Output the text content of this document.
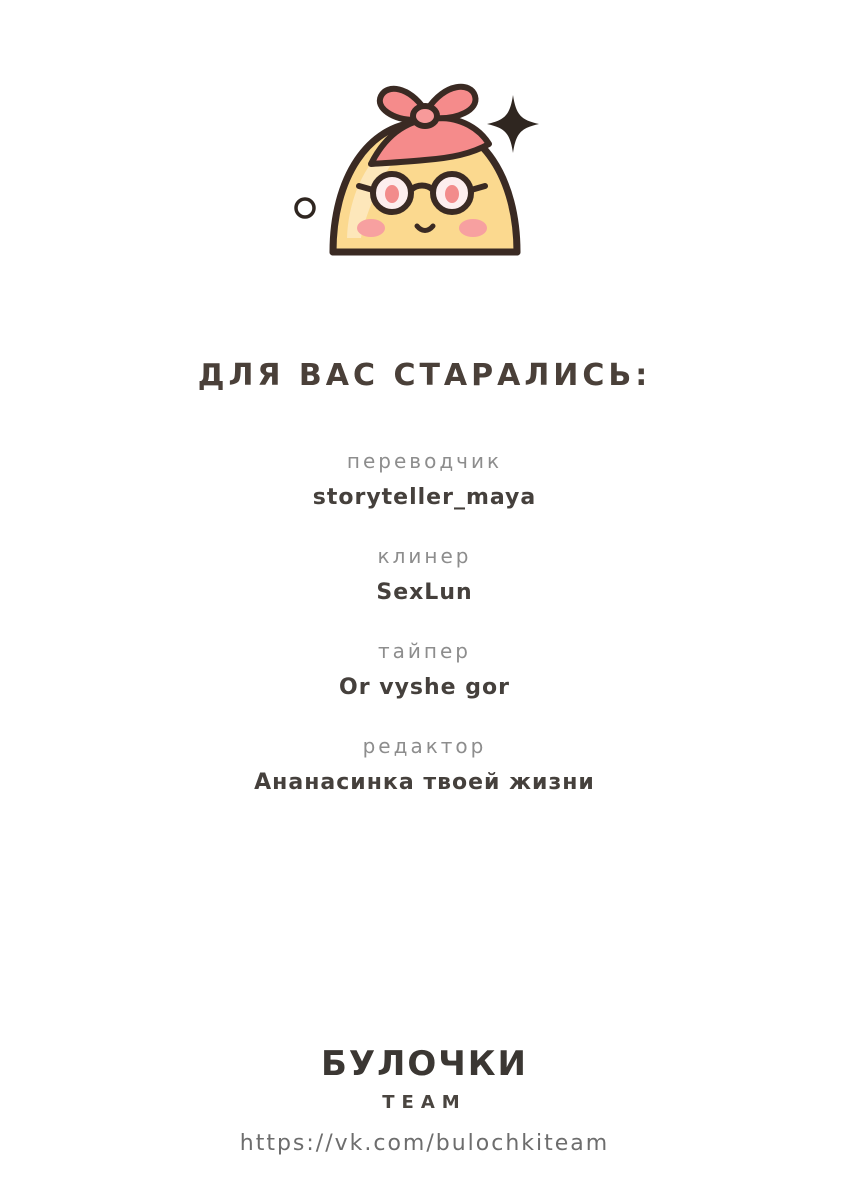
ДЛЯ ВАС СТАРАЛИСЬ:
переводчик
storyteller_maya
клинер
SexLun
тайпер
Or vyshe gor
редактор
Ананасинка твоей жизни
БУЛОЧКИ
TEAM
https://vk.com/bulochkiteam
